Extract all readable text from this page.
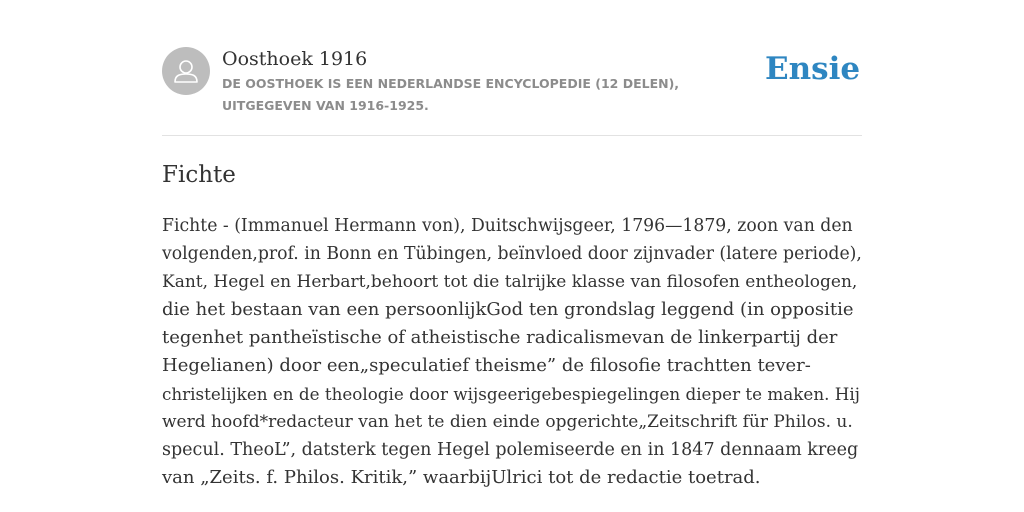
Oosthoek 1916
DE OOSTHOEK IS EEN NEDERLANDSE ENCYCLOPEDIE (12 DELEN), UITGEGEVEN VAN 1916-1925.
Ensie
Fichte
Fichte - (Immanuel Hermann von), Duitschwijsgeer, 1796—1879, zoon van den
volgenden,prof. in Bonn en Tübingen, beïnvloed door zijnvader (latere periode),
Kant, Hegel en Herbart,behoort tot die talrijke klasse van filosofen entheologen,
die het bestaan van een persoonlijkGod ten grondslag leggend (in oppositie
tegenhet pantheïstische of atheistische radicalismevan de linkerpartij der
Hegelianen) door een„speculatief theisme” de filosofie trachtten tever-
christelijken en de theologie door wijsgeerigebespiegelingen dieper te maken. Hij
werd hoofd*redacteur van het te dien einde opgerichte„Zeitschrift für Philos. u.
specul. TheoL”, datsterk tegen Hegel polemiseerde en in 1847 dennaam kreeg
van „Zeits. f. Philos. Kritik,” waarbijUlrici tot de redactie toetrad.
